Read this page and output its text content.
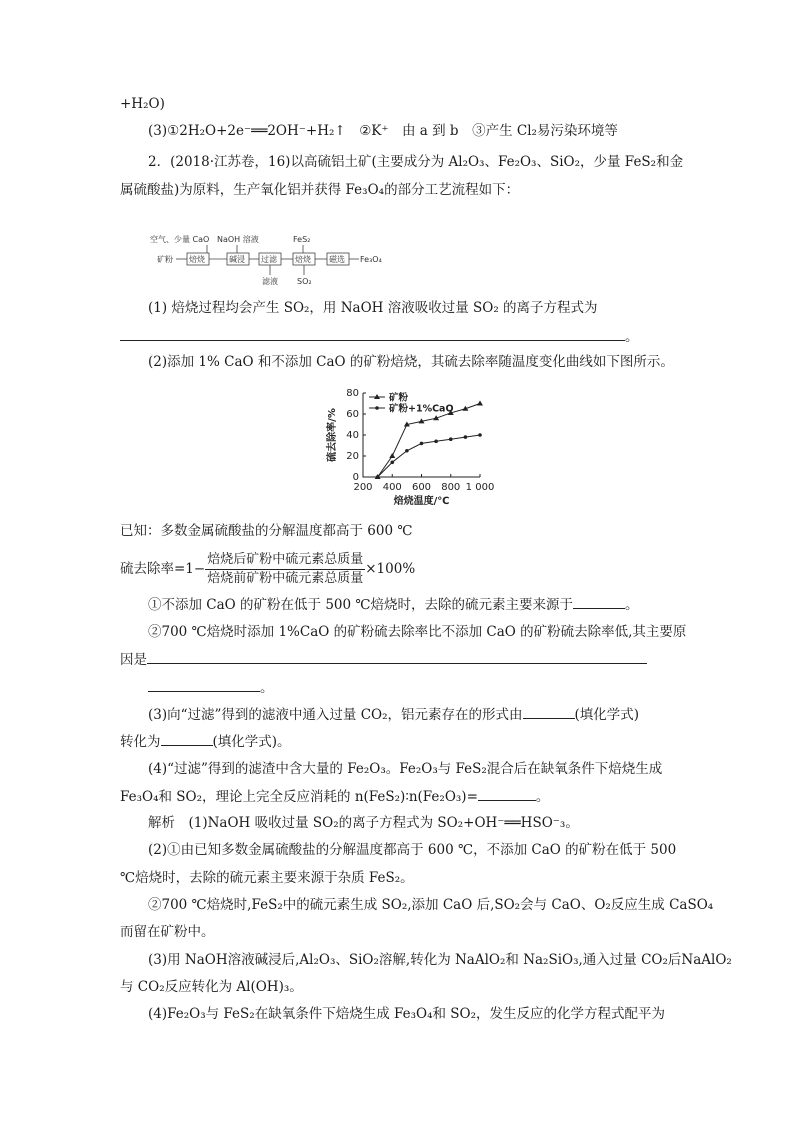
+H₂O)
(3)①2H₂O+2e⁻══2OH⁻+H₂↑　②K⁺　由 a 到 b　③产生 Cl₂易污染环境等
2．(2018·江苏卷，16)以高硫铝土矿(主要成分为 Al₂O₃、Fe₂O₃、SiO₂，少量 FeS₂和金
属硫酸盐)为原料，生产氧化铝并获得 Fe₃O₄的部分工艺流程如下：
空气、少量 CaO NaOH 溶液	FeS₂
矿粉 焙烧	碱浸 过滤 焙烧 磁选 Fe₃O₄
滤液 SO₂
(1) 焙烧过程均会产生 SO₂，用 NaOH 溶液吸收过量 SO₂ 的离子方程式为
。
(2)添加 1% CaO 和不添加 CaO 的矿粉焙烧，其硫去除率随温度变化曲线如下图所示。
0
20
40
60
80
200 400 600 800 1 000
焙烧温度/℃
硫去除率/%
矿粉
矿粉+1%CaO
已知：多数金属硫酸盐的分解温度都高于 600 ℃
硫去除率$=1- \frac{\text{焙烧后矿粉中硫元素总质量}}{\text{焙烧前矿粉中硫元素总质量}} \times 100\%$
①不添加 CaO 的矿粉在低于 500 ℃焙烧时，去除的硫元素主要来源于	。
②700 ℃焙烧时添加 1%CaO 的矿粉硫去除率比不添加 CaO 的矿粉硫去除率低,其主要原
因是
。
(3)向“过滤”得到的滤液中通入过量 CO₂，铝元素存在的形式由	(填化学式)
转化为	(填化学式)。
(4)“过滤”得到的滤渣中含大量的 Fe₂O₃。Fe₂O₃与 FeS₂混合后在缺氧条件下焙烧生成
Fe₃O₄和 SO₂，理论上完全反应消耗的 n(FeS₂)∶n(Fe₂O₃)=	。
解析　(1)NaOH 吸收过量 SO₂的离子方程式为 SO₂+OH⁻══HSO⁻₃。
(2)①由已知多数金属硫酸盐的分解温度都高于 600 ℃，不添加 CaO 的矿粉在低于 500
℃焙烧时，去除的硫元素主要来源于杂质 FeS₂。
②700 ℃焙烧时,FeS₂中的硫元素生成 SO₂,添加 CaO 后,SO₂会与 CaO、O₂反应生成 CaSO₄
而留在矿粉中。
(3)用 NaOH溶液碱浸后,Al₂O₃、SiO₂溶解,转化为 NaAlO₂和 Na₂SiO₃,通入过量 CO₂后NaAlO₂
与 CO₂反应转化为 Al(OH)₃。
(4)Fe₂O₃与 FeS₂在缺氧条件下焙烧生成 Fe₃O₄和 SO₂，发生反应的化学方程式配平为
